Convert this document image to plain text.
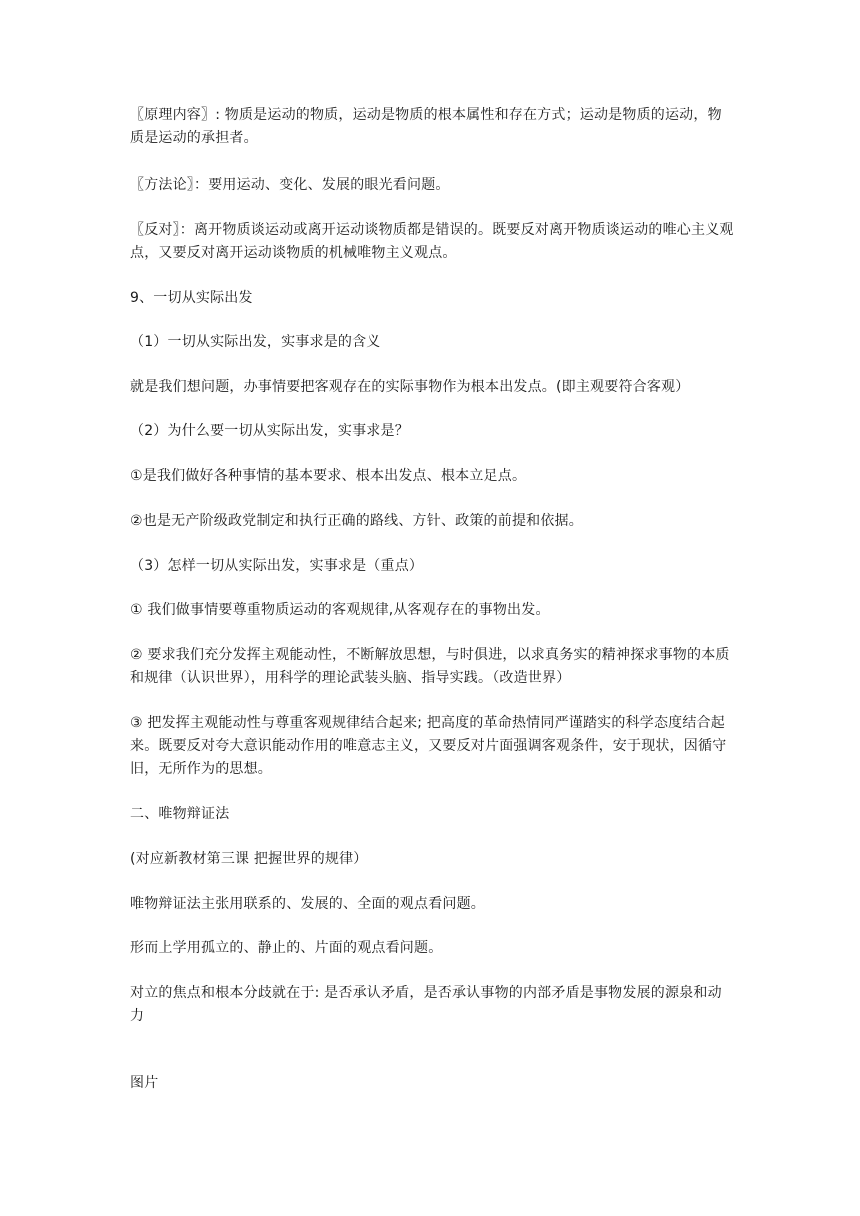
〖原理内容〗: 物质是运动的物质，运动是物质的根本属性和存在方式；运动是物质的运动，物质是运动的承担者。

〖方法论〗：要用运动、变化、发展的眼光看问题。

〖反对〗：离开物质谈运动或离开运动谈物质都是错误的。既要反对离开物质谈运动的唯心主义观点，又要反对离开运动谈物质的机械唯物主义观点。

9、一切从实际出发

（1）一切从实际出发，实事求是的含义

就是我们想问题，办事情要把客观存在的实际事物作为根本出发点。(即主观要符合客观）

（2）为什么要一切从实际出发，实事求是？

①是我们做好各种事情的基本要求、根本出发点、根本立足点。

②也是无产阶级政党制定和执行正确的路线、方针、政策的前提和依据。

（3）怎样一切从实际出发，实事求是（重点）

① 我们做事情要尊重物质运动的客观规律,从客观存在的事物出发。

② 要求我们充分发挥主观能动性，不断解放思想，与时俱进，以求真务实的精神探求事物的本质和规律（认识世界），用科学的理论武装头脑、指导实践。（改造世界）

③ 把发挥主观能动性与尊重客观规律结合起来; 把高度的革命热情同严谨踏实的科学态度结合起来。既要反对夸大意识能动作用的唯意志主义，又要反对片面强调客观条件，安于现状，因循守旧，无所作为的思想。

二、唯物辩证法

(对应新教材第三课 把握世界的规律）

唯物辩证法主张用联系的、发展的、全面的观点看问题。

形而上学用孤立的、静止的、片面的观点看问题。

对立的焦点和根本分歧就在于: 是否承认矛盾，是否承认事物的内部矛盾是事物发展的源泉和动力

图片
